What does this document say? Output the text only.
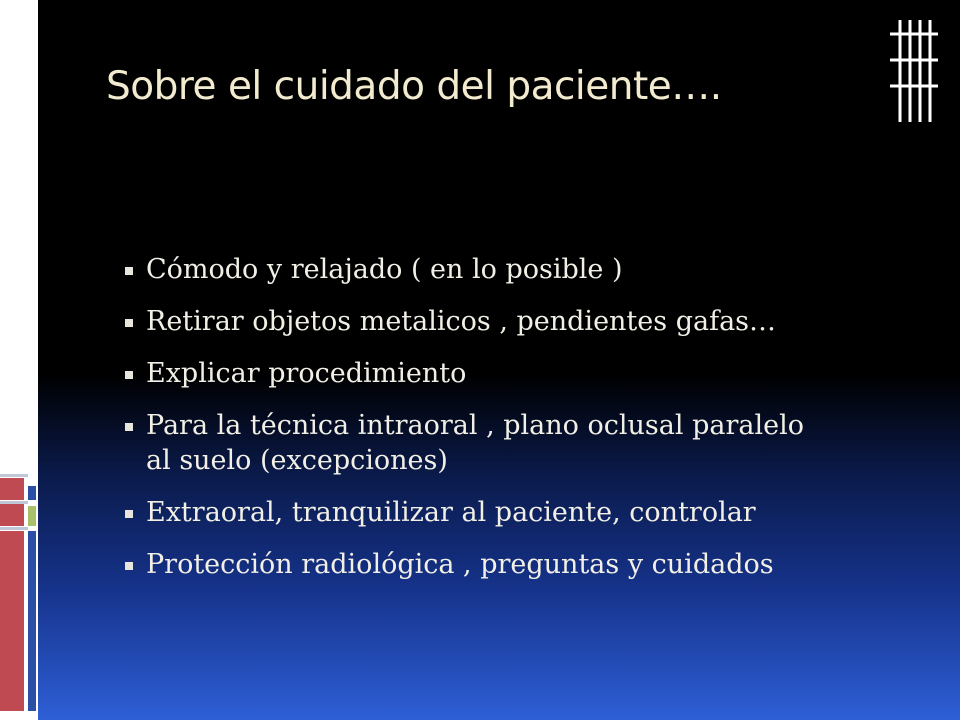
Sobre el cuidado del paciente….
Cómodo y relajado ( en lo posible )
Retirar objetos metalicos , pendientes gafas…
Explicar procedimiento
Para la técnica intraoral , plano oclusal paralelo
al suelo (excepciones)
Extraoral, tranquilizar al paciente, controlar
Protección radiológica , preguntas y cuidados
